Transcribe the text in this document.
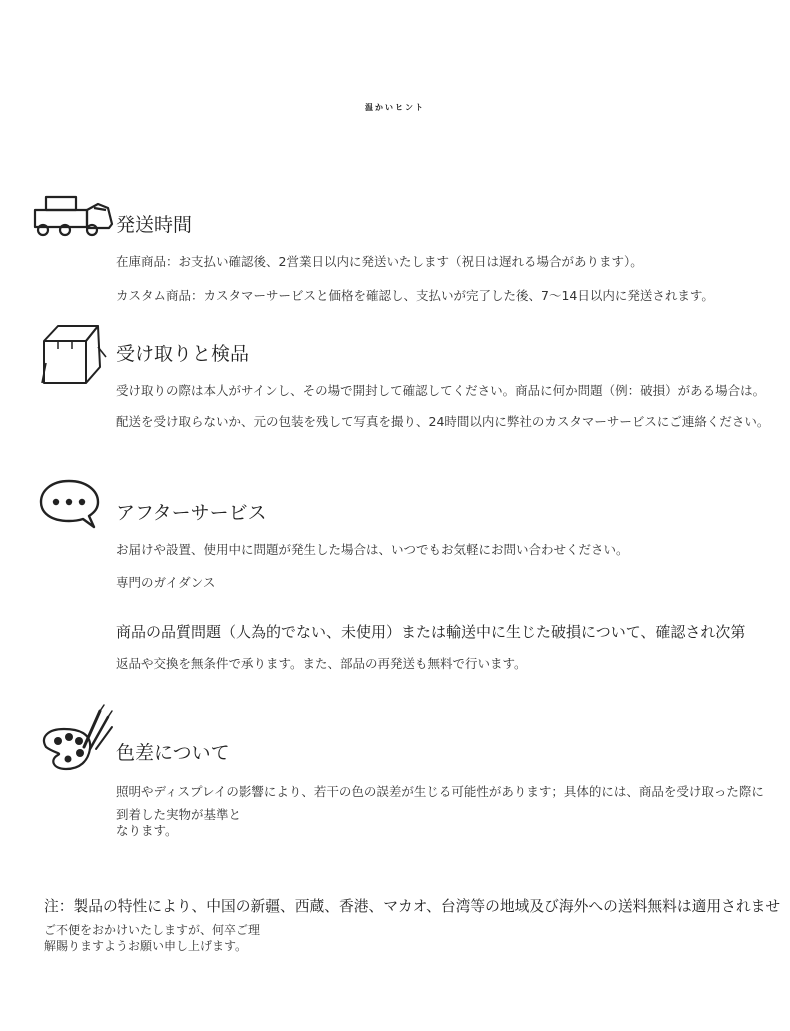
温かいヒント
発送時間
在庫商品：お支払い確認後、2営業日以内に発送いたします（祝日は遅れる場合があります）。
カスタム商品：カスタマーサービスと価格を確認し、支払いが完了した後、7〜14日以内に発送されます。
受け取りと検品
受け取りの際は本人がサインし、その場で開封して確認してください。商品に何か問題（例：破損）がある場合は。
配送を受け取らないか、元の包装を残して写真を撮り、24時間以内に弊社のカスタマーサービスにご連絡ください。
アフターサービス
お届けや設置、使用中に問題が発生した場合は、いつでもお気軽にお問い合わせください。
専門のガイダンス
商品の品質問題（人為的でない、未使用）または輸送中に生じた破損について、確認され次第
返品や交換を無条件で承ります。また、部品の再発送も無料で行います。
色差について
照明やディスプレイの影響により、若干の色の誤差が生じる可能性があります；具体的には、商品を受け取った際に
到着した実物が基準と
なります。
注：製品の特性により、中国の新疆、西蔵、香港、マカオ、台湾等の地域及び海外への送料無料は適用されませ
ご不便をおかけいたしますが、何卒ご理
解賜りますようお願い申し上げます。
